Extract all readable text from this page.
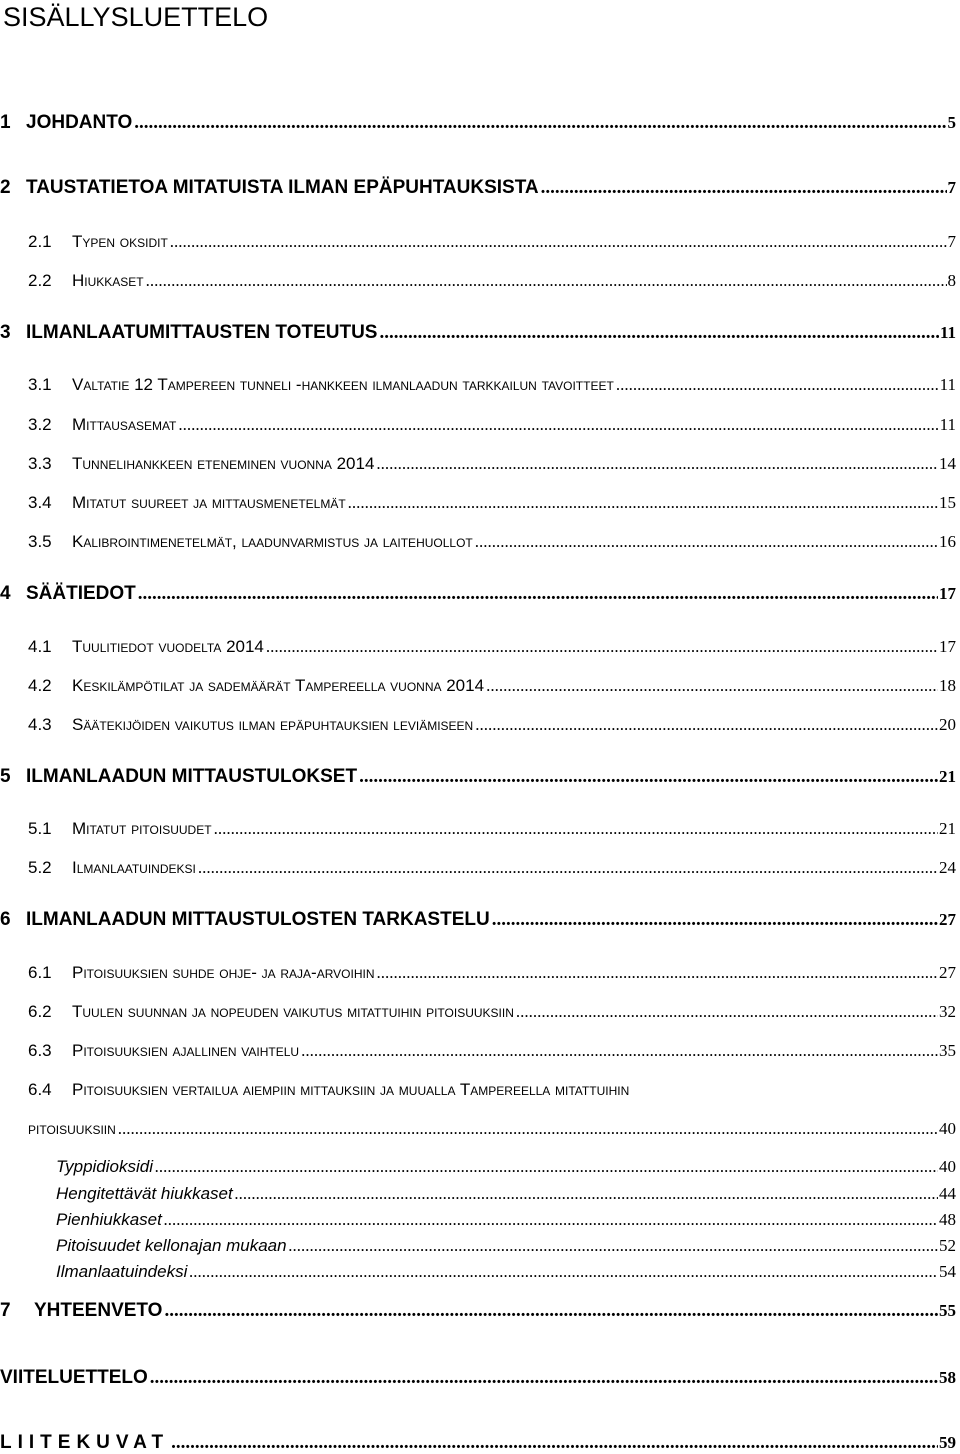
SISÄLLYSLUETTELO
1 JOHDANTO .....	5
2 TAUSTATIETOA MITATUISTA ILMAN EPÄPUHTAUKSISTA .....	7
2.1	Typen oksidit .....	7
2.2	Hiukkaset .....	8
3 ILMANLAATUMITTAUSTEN TOTEUTUS .....	11
3.1	Valtatie 12 Tampereen tunneli -hankkeen ilmanlaadun tarkkailun tavoitteet .....	11
3.2	Mittausasemat .....	11
3.3	Tunnelihankkeen eteneminen vuonna 2014 .....	14
3.4	Mitatut suureet ja mittausmenetelmät .....	15
3.5	Kalibrointimenetelmät, laadunvarmistus ja laitehuollot .....	16
4 SÄÄTIEDOT .....	17
4.1	Tuulitiedot vuodelta 2014 .....	17
4.2	Keskilämpötilat ja sademäärät Tampereella vuonna 2014 .....	18
4.3	Säätekijöiden vaikutus ilman epäpuhtauksien leviämiseen .....	20
5 ILMANLAADUN MITTAUSTULOKSET .....	21
5.1	Mitatut pitoisuudet .....	21
5.2	Ilmanlaatuindeksi .....	24
6 ILMANLAADUN MITTAUSTULOSTEN TARKASTELU .....	27
6.1	Pitoisuuksien suhde ohje- ja raja-arvoihin .....	27
6.2	Tuulen suunnan ja nopeuden vaikutus mitattuihin pitoisuuksiin .....	32
6.3	Pitoisuuksien ajallinen vaihtelu .....	35
6.4	Pitoisuuksien vertailua aiempiin mittauksiin ja muualla Tampereella mitattuihin
pitoisuuksiin .....	40
Typpidioksidi .....	40
Hengitettävät hiukkaset .....	44
Pienhiukkaset .....	48
Pitoisuudet kellonajan mukaan .....	52
Ilmanlaatuindeksi .....	54
7	YHTEENVETO .....	55
VIITELUETTELO .....	58
LIITEKUVAT .....	59
